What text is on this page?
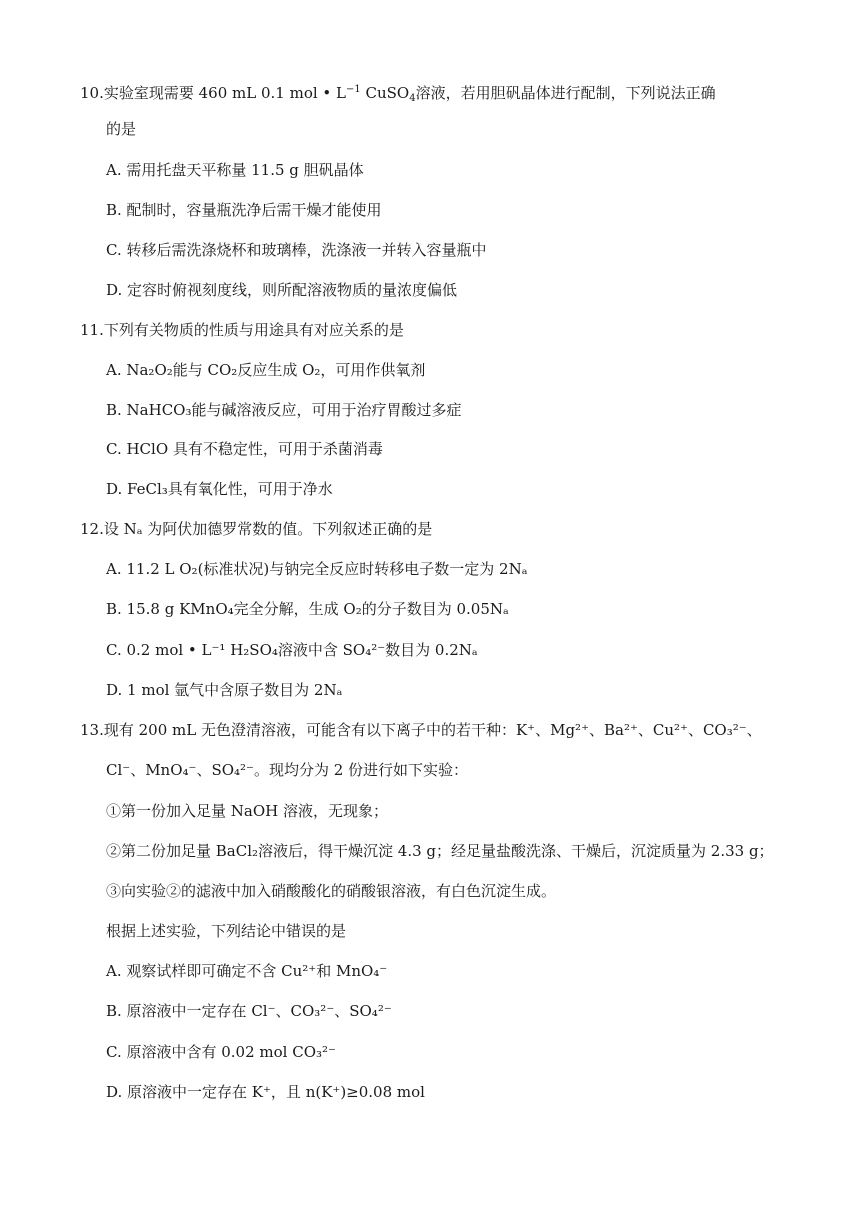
10.实验室现需要 460 mL 0.1 mol • $L^{-1}$ CuSO$_4$溶液，若用胆矾晶体进行配制，下列说法正确
的是
A. 需用托盘天平称量 11.5 g 胆矾晶体
B. 配制时，容量瓶洗净后需干燥才能使用
C. 转移后需洗涤烧杯和玻璃棒，洗涤液一并转入容量瓶中
D. 定容时俯视刻度线，则所配溶液物质的量浓度偏低
11.下列有关物质的性质与用途具有对应关系的是
A. Na₂O₂能与 CO₂反应生成 O₂，可用作供氧剂
B. NaHCO₃能与碱溶液反应，可用于治疗胃酸过多症
C. HClO 具有不稳定性，可用于杀菌消毒
D. FeCl₃具有氧化性，可用于净水
12.设 Nₐ 为阿伏加德罗常数的值。下列叙述正确的是
A. 11.2 L O₂(标准状况)与钠完全反应时转移电子数一定为 2Nₐ
B. 15.8 g KMnO₄完全分解，生成 O₂的分子数目为 0.05Nₐ
C. 0.2 mol • L⁻¹ H₂SO₄溶液中含 SO₄²⁻数目为 0.2Nₐ
D. 1 mol 氩气中含原子数目为 2Nₐ
13.现有 200 mL 无色澄清溶液，可能含有以下离子中的若干种：K⁺、Mg²⁺、Ba²⁺、Cu²⁺、CO₃²⁻、
Cl⁻、MnO₄⁻、SO₄²⁻。现均分为 2 份进行如下实验：
①第一份加入足量 NaOH 溶液，无现象；
②第二份加足量 BaCl₂溶液后，得干燥沉淀 4.3 g；经足量盐酸洗涤、干燥后，沉淀质量为 2.33 g；
③向实验②的滤液中加入硝酸酸化的硝酸银溶液，有白色沉淀生成。
根据上述实验，下列结论中错误的是
A. 观察试样即可确定不含 Cu²⁺和 MnO₄⁻
B. 原溶液中一定存在 Cl⁻、CO₃²⁻、SO₄²⁻
C. 原溶液中含有 0.02 mol CO₃²⁻
D. 原溶液中一定存在 K⁺，且 n(K⁺)≥0.08 mol
